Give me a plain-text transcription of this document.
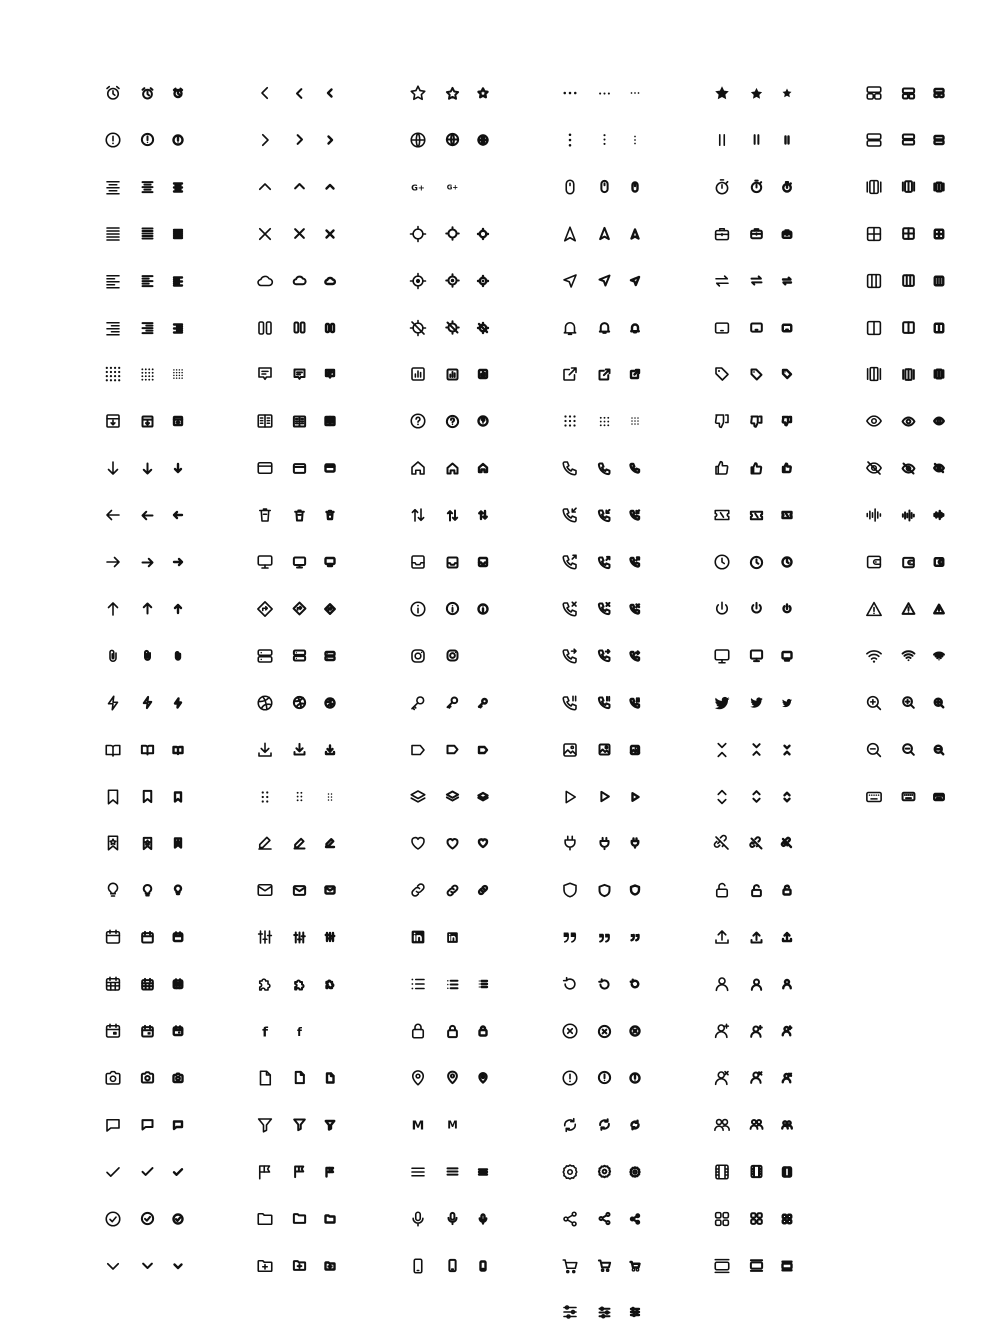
f f
G+ G+
M M
